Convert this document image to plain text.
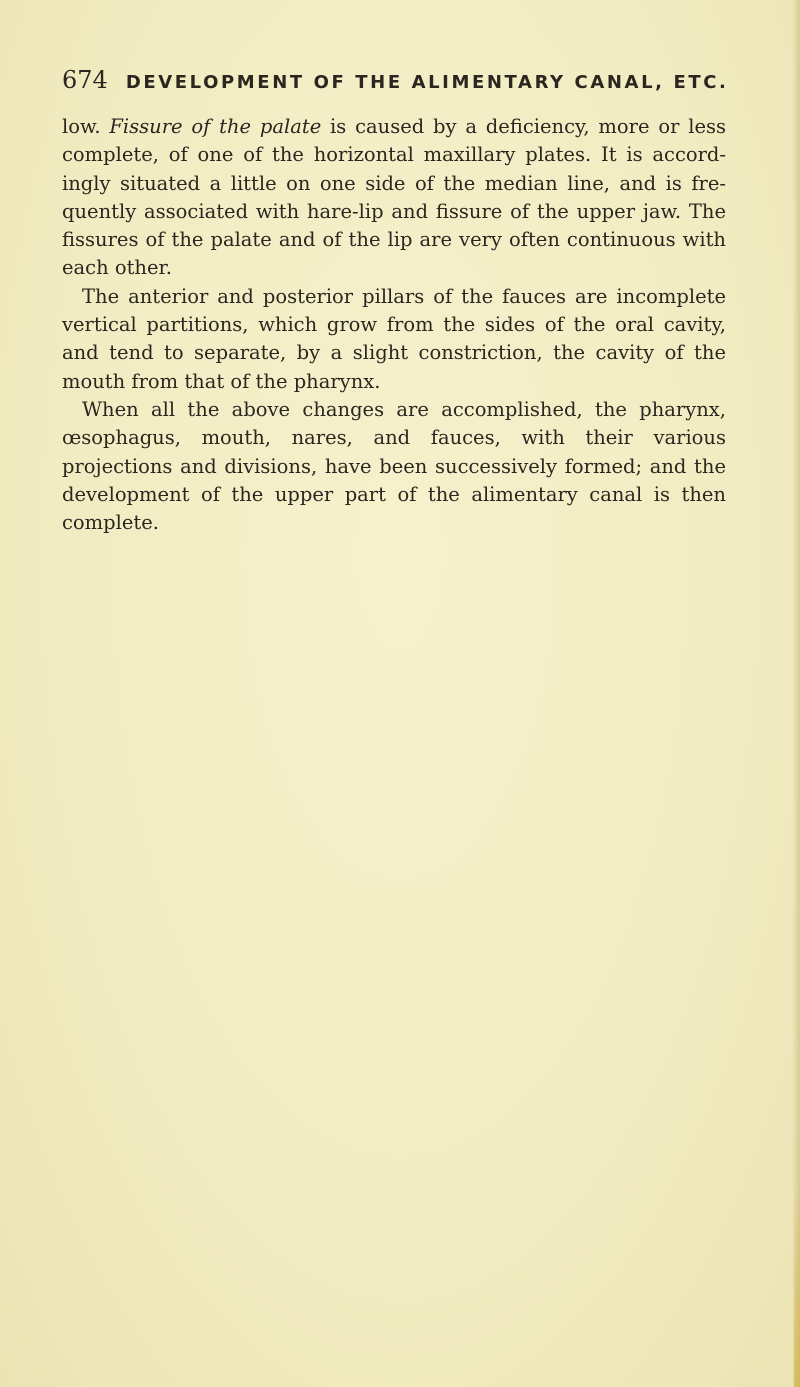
674 DEVELOPMENT OF THE ALIMENTARY CANAL, ETC.

low. Fissure of the palate is caused by a deficiency, more or less complete, of one of the horizontal maxillary plates. It is accord-ingly situated a little on one side of the median line, and is fre-quently associated with hare-lip and fissure of the upper jaw. The fissures of the palate and of the lip are very often continuous with each other.

The anterior and posterior pillars of the fauces are incomplete vertical partitions, which grow from the sides of the oral cavity, and tend to separate, by a slight constriction, the cavity of the mouth from that of the pharynx.

When all the above changes are accomplished, the pharynx, œsophagus, mouth, nares, and fauces, with their various projections and divisions, have been successively formed; and the development of the upper part of the alimentary canal is then complete.
